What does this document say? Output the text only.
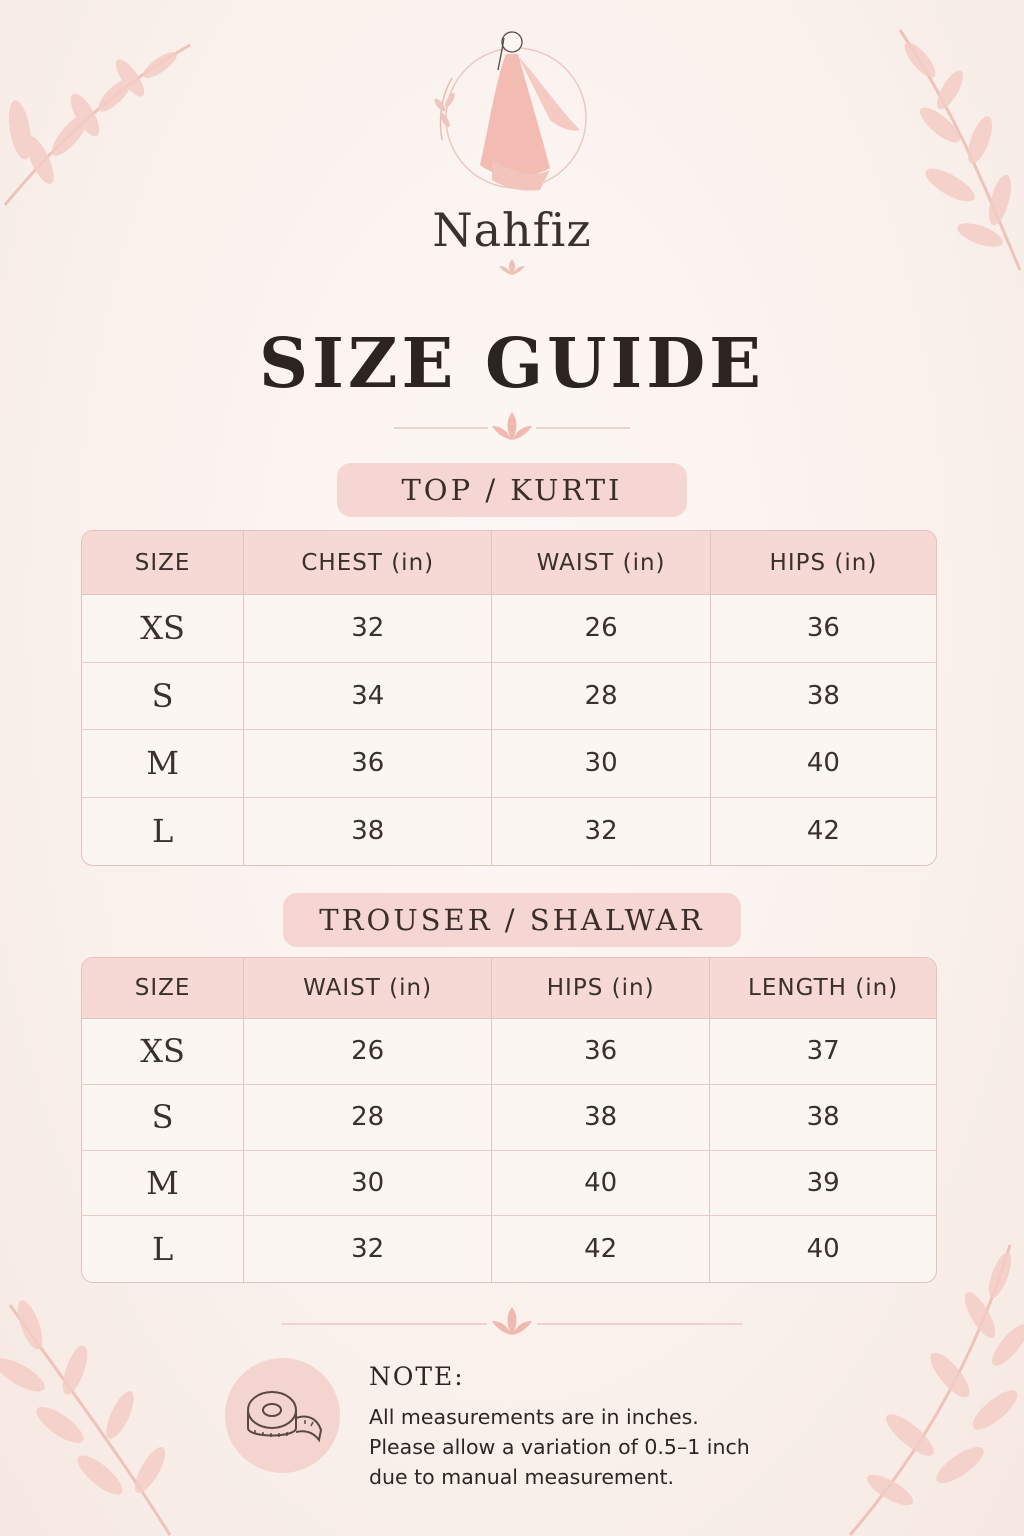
Nahfiz
SIZE GUIDE
TOP / KURTI
SIZE	CHEST (in)	WAIST (in)	HIPS (in)
XS	32	26	36
S	34	28	38
M	36	30	40
L	38	32	42
TROUSER / SHALWAR
SIZE	WAIST (in)	HIPS (in)	LENGTH (in)
XS	26	36	37
S	28	38	38
M	30	40	39
L	32	42	40
NOTE:
All measurements are in inches.
Please allow a variation of 0.5–1 inch
due to manual measurement.
